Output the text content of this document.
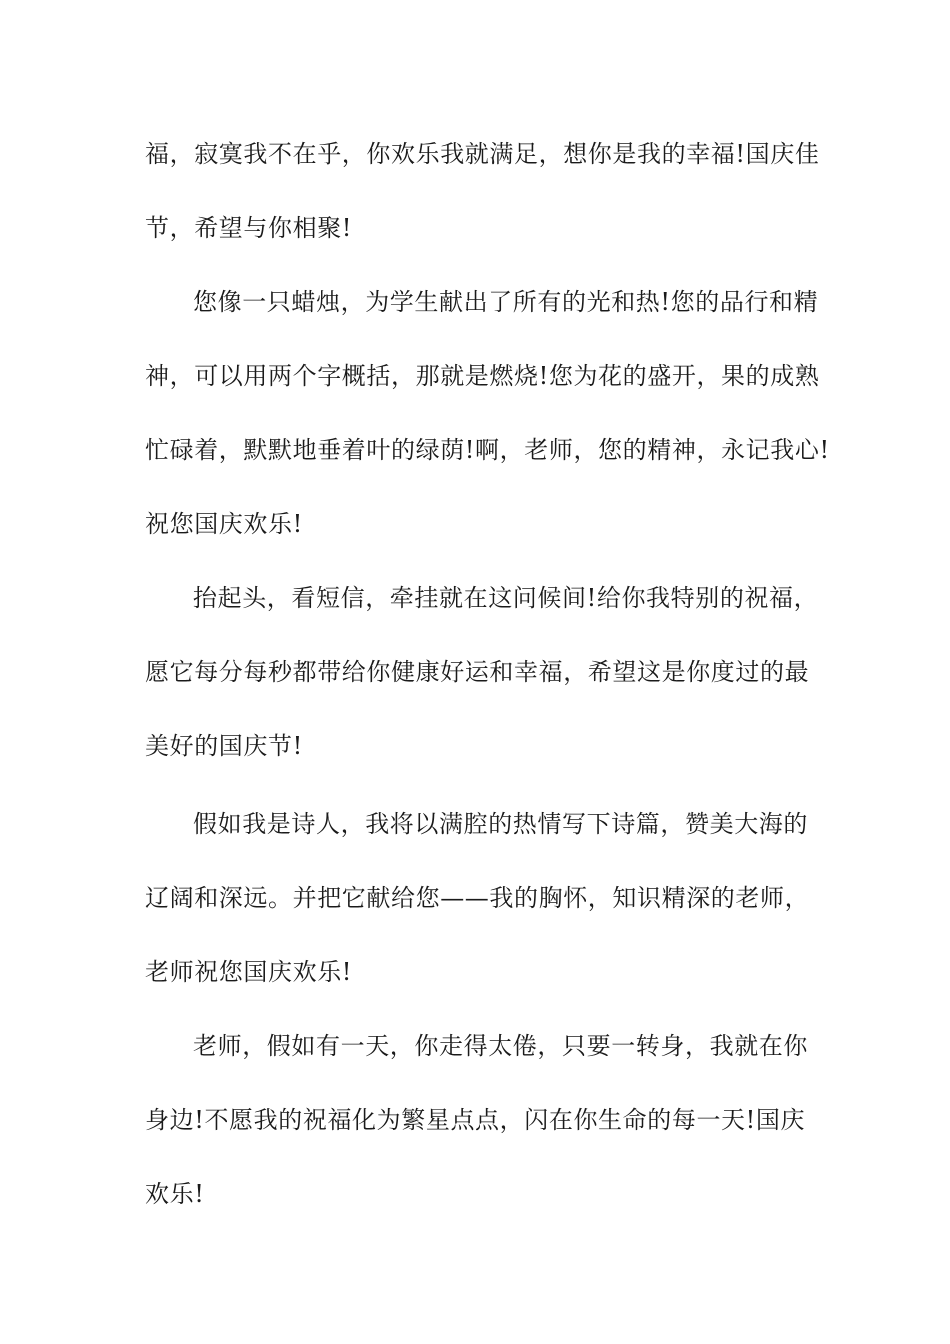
福，寂寞我不在乎，你欢乐我就满足，想你是我的幸福!国庆佳
节，希望与你相聚!
您像一只蜡烛，为学生献出了所有的光和热!您的品行和精
神，可以用两个字概括，那就是燃烧!您为花的盛开，果的成熟
忙碌着，默默地垂着叶的绿荫!啊，老师，您的精神，永记我心!
祝您国庆欢乐!
抬起头，看短信，牵挂就在这问候间!给你我特别的祝福，
愿它每分每秒都带给你健康好运和幸福，希望这是你度过的最
美好的国庆节!
假如我是诗人，我将以满腔的热情写下诗篇，赞美大海的
辽阔和深远。并把它献给您——我的胸怀，知识精深的老师，
老师祝您国庆欢乐!
老师，假如有一天，你走得太倦，只要一转身，我就在你
身边!不愿我的祝福化为繁星点点，闪在你生命的每一天!国庆
欢乐!
